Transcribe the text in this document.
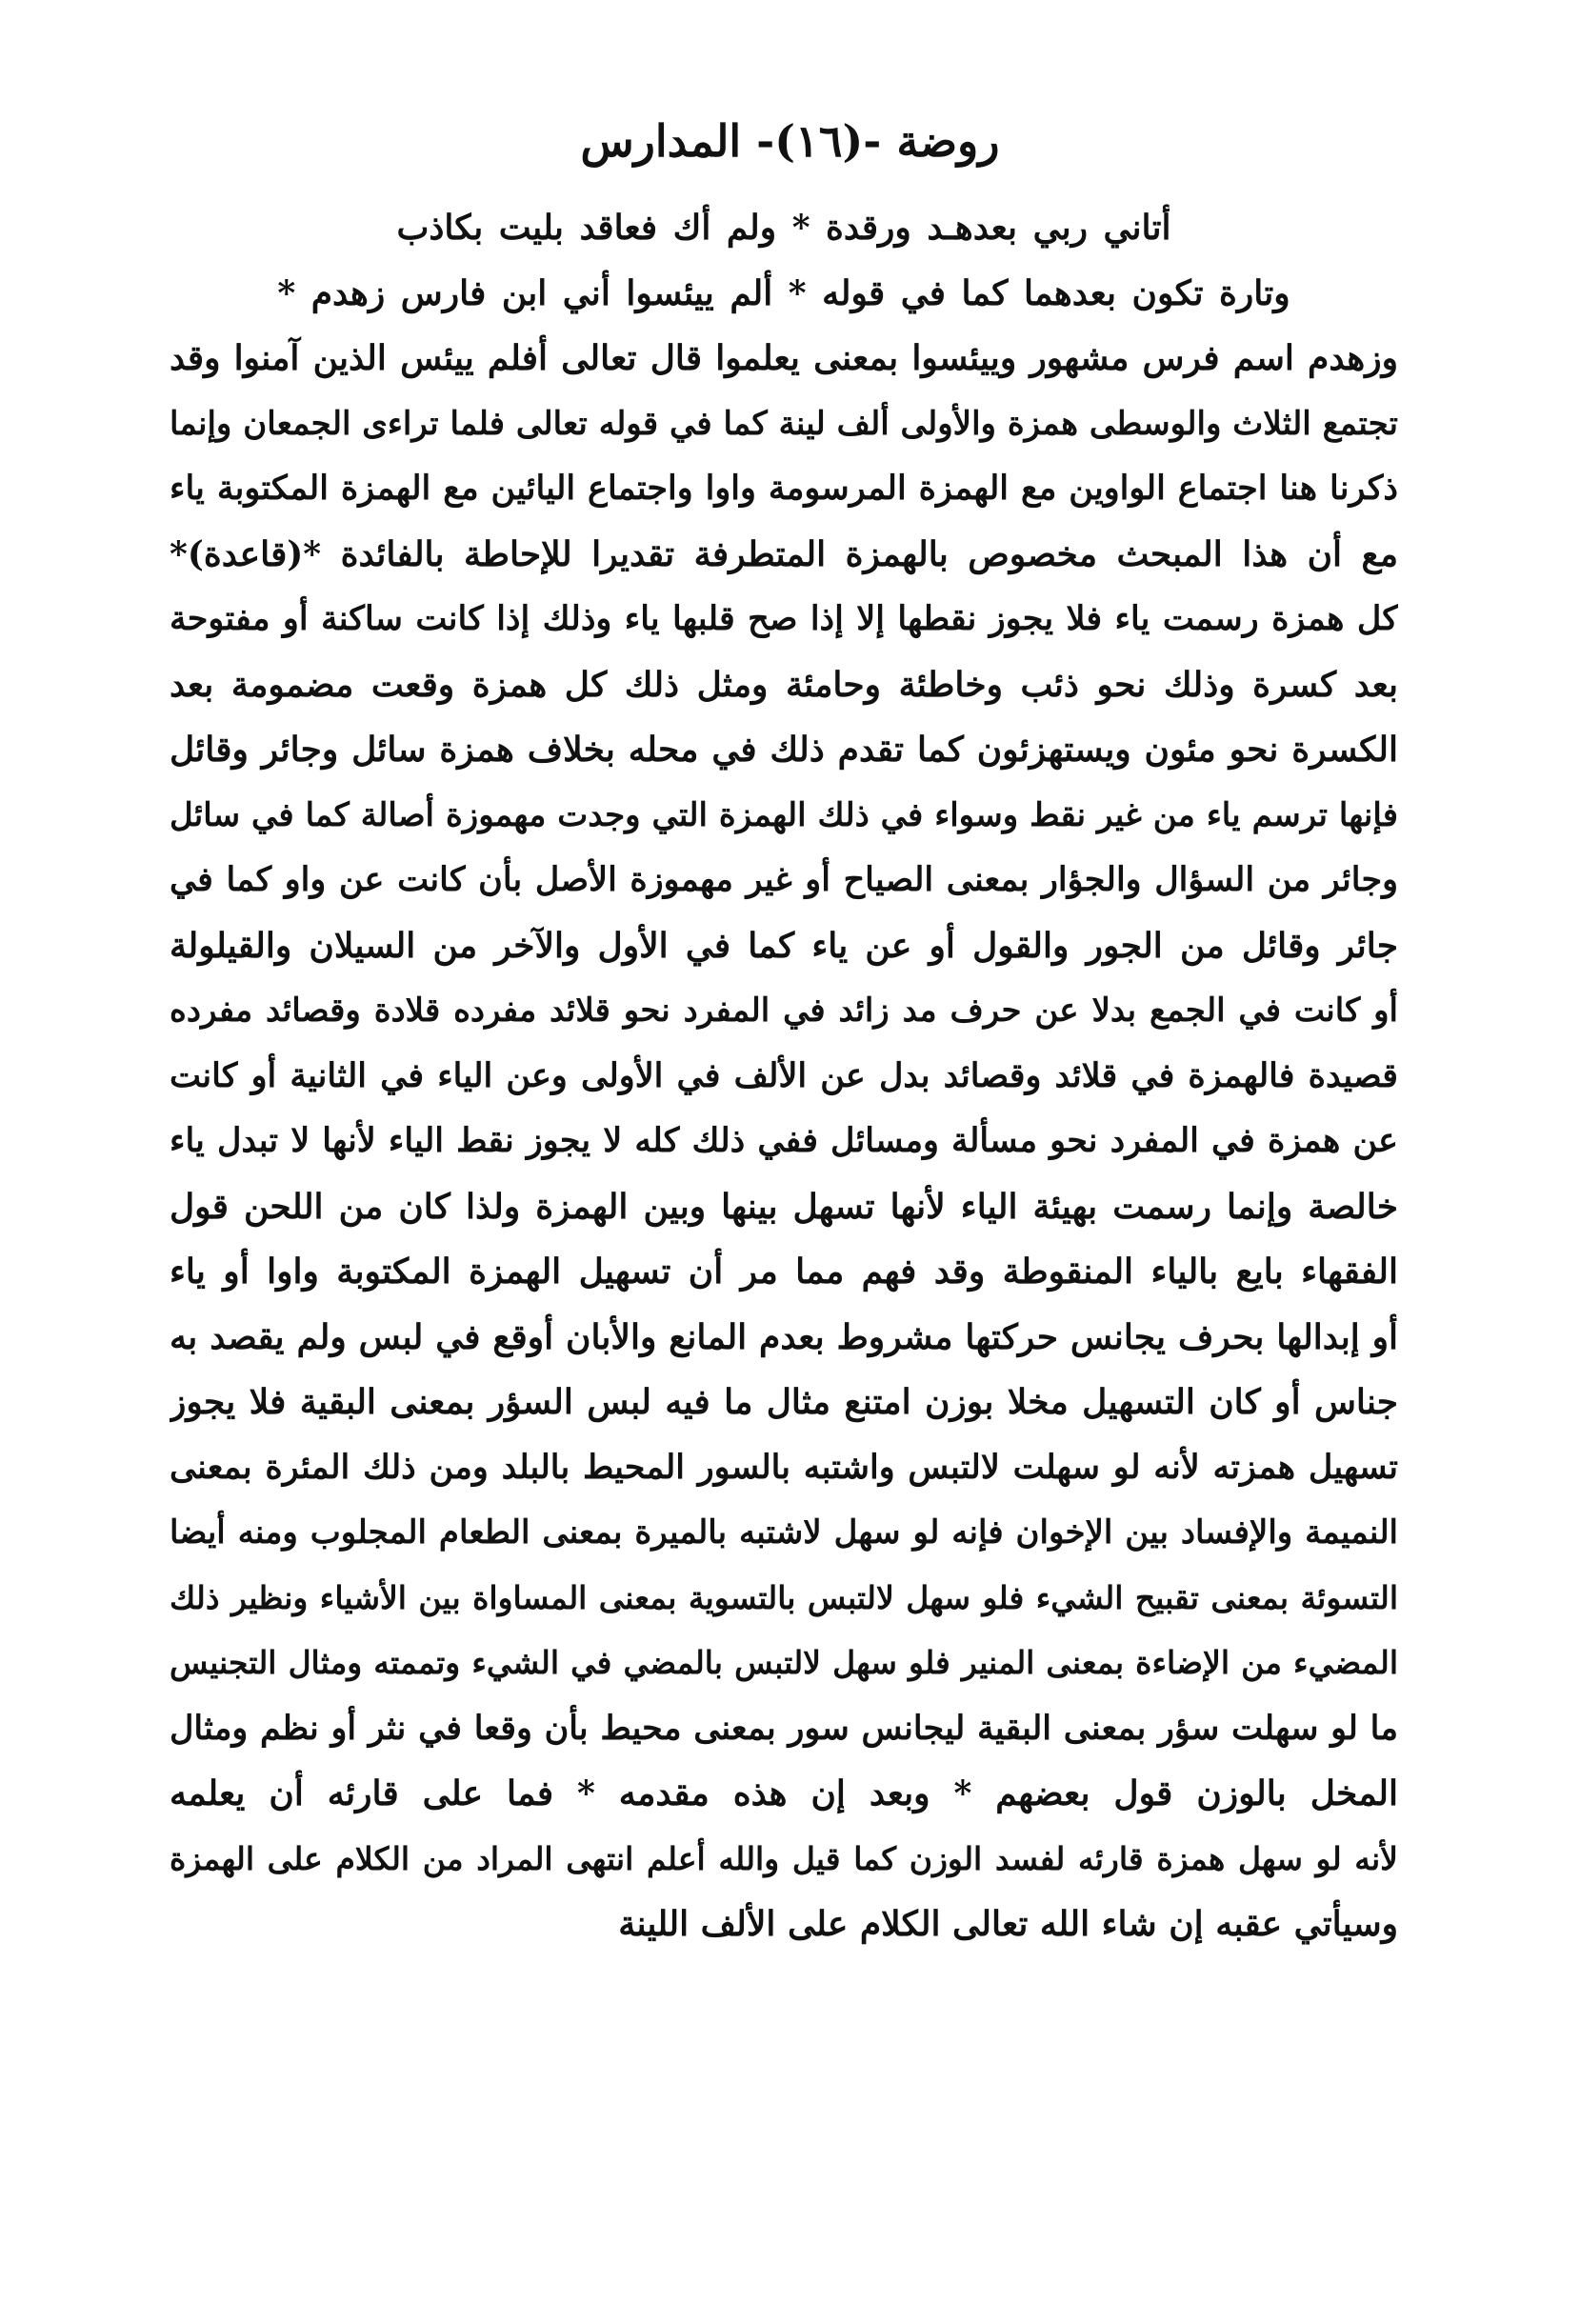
روضة -(١٦)- المدارس
أتاني ربي بعدهـد ورقدة * ولم أك فعاقد بليت بكاذب
وتارة تكون بعدهما كما في قوله * ألم ييئسوا أني ابن فارس زهدم *
وزهدم اسم فرس مشهور وييئسوا بمعنى يعلموا قال تعالى أفلم ييئس الذين آمنوا وقد
تجتمع الثلاث والوسطى همزة والأولى ألف لينة كما في قوله تعالى فلما تراءى الجمعان وإنما
ذكرنا هنا اجتماع الواوين مع الهمزة المرسومة واوا واجتماع اليائين مع الهمزة المكتوبة ياء
مع أن هذا المبحث مخصوص بالهمزة المتطرفة تقديرا للإحاطة بالفائدة *(قاعدة)*
كل همزة رسمت ياء فلا يجوز نقطها إلا إذا صح قلبها ياء وذلك إذا كانت ساكنة أو مفتوحة
بعد كسرة وذلك نحو ذئب وخاطئة وحامئة ومثل ذلك كل همزة وقعت مضمومة بعد
الكسرة نحو مئون ويستهزئون كما تقدم ذلك في محله بخلاف همزة سائل وجائر وقائل
فإنها ترسم ياء من غير نقط وسواء في ذلك الهمزة التي وجدت مهموزة أصالة كما في سائل
وجائر من السؤال والجؤار بمعنى الصياح أو غير مهموزة الأصل بأن كانت عن واو كما في
جائر وقائل من الجور والقول أو عن ياء كما في الأول والآخر من السيلان والقيلولة
أو كانت في الجمع بدلا عن حرف مد زائد في المفرد نحو قلائد مفرده قلادة وقصائد مفرده
قصيدة فالهمزة في قلائد وقصائد بدل عن الألف في الأولى وعن الياء في الثانية أو كانت
عن همزة في المفرد نحو مسألة ومسائل ففي ذلك كله لا يجوز نقط الياء لأنها لا تبدل ياء
خالصة وإنما رسمت بهيئة الياء لأنها تسهل بينها وبين الهمزة ولذا كان من اللحن قول
الفقهاء بايع بالياء المنقوطة وقد فهم مما مر أن تسهيل الهمزة المكتوبة واوا أو ياء
أو إبدالها بحرف يجانس حركتها مشروط بعدم المانع والأبان أوقع في لبس ولم يقصد به
جناس أو كان التسهيل مخلا بوزن امتنع مثال ما فيه لبس السؤر بمعنى البقية فلا يجوز
تسهيل همزته لأنه لو سهلت لالتبس واشتبه بالسور المحيط بالبلد ومن ذلك المئرة بمعنى
النميمة والإفساد بين الإخوان فإنه لو سهل لاشتبه بالميرة بمعنى الطعام المجلوب ومنه أيضا
التسوئة بمعنى تقبيح الشيء فلو سهل لالتبس بالتسوية بمعنى المساواة بين الأشياء ونظير ذلك
المضيء من الإضاءة بمعنى المنير فلو سهل لالتبس بالمضي في الشيء وتممته ومثال التجنيس
ما لو سهلت سؤر بمعنى البقية ليجانس سور بمعنى محيط بأن وقعا في نثر أو نظم ومثال
المخل بالوزن قول بعضهم * وبعد إن هذه مقدمه * فما على قارئه أن يعلمه
لأنه لو سهل همزة قارئه لفسد الوزن كما قيل والله أعلم انتهى المراد من الكلام على الهمزة
وسيأتي عقبه إن شاء الله تعالى الكلام على الألف اللينة
